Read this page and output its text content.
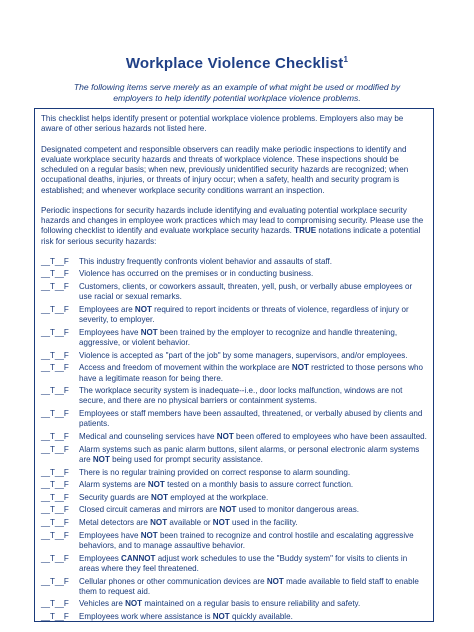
Workplace Violence Checklist$^1$
The following items serve merely as an example of what might be used or modified by employers to help identify potential workplace violence problems.

This checklist helps identify present or potential workplace violence problems. Employers also may be aware of other serious hazards not listed here.

Designated competent and responsible observers can readily make periodic inspections to identify and evaluate workplace security hazards and threats of workplace violence. These inspections should be scheduled on a regular basis; when new, previously unidentified security hazards are recognized; when occupational deaths, injuries, or threats of injury occur; when a safety, health and security program is established; and whenever workplace security conditions warrant an inspection.

Periodic inspections for security hazards include identifying and evaluating potential workplace security hazards and changes in employee work practices which may lead to compromising security. Please use the following checklist to identify and evaluate workplace security hazards. TRUE notations indicate a potential risk for serious security hazards:

__T__F	This industry frequently confronts violent behavior and assaults of staff.
__T__F	Violence has occurred on the premises or in conducting business.
__T__F	Customers, clients, or coworkers assault, threaten, yell, push, or verbally abuse employees or use racial or sexual remarks.
__T__F	Employees are NOT required to report incidents or threats of violence, regardless of injury or severity, to employer.
__T__F	Employees have NOT been trained by the employer to recognize and handle threatening, aggressive, or violent behavior.
__T__F	Violence is accepted as "part of the job" by some managers, supervisors, and/or employees.
__T__F	Access and freedom of movement within the workplace are NOT restricted to those persons who have a legitimate reason for being there.
__T__F	The workplace security system is inadequate--i.e., door locks malfunction, windows are not secure, and there are no physical barriers or containment systems.
__T__F	Employees or staff members have been assaulted, threatened, or verbally abused by clients and patients.
__T__F	Medical and counseling services have NOT been offered to employees who have been assaulted.
__T__F	Alarm systems such as panic alarm buttons, silent alarms, or personal electronic alarm systems are NOT being used for prompt security assistance.
__T__F	There is no regular training provided on correct response to alarm sounding.
__T__F	Alarm systems are NOT tested on a monthly basis to assure correct function.
__T__F	Security guards are NOT employed at the workplace.
__T__F	Closed circuit cameras and mirrors are NOT used to monitor dangerous areas.
__T__F	Metal detectors are NOT available or NOT used in the facility.
__T__F	Employees have NOT been trained to recognize and control hostile and escalating aggressive behaviors, and to manage assaultive behavior.
__T__F	Employees CANNOT adjust work schedules to use the "Buddy system" for visits to clients in areas where they feel threatened.
__T__F	Cellular phones or other communication devices are NOT made available to field staff to enable them to request aid.
__T__F	Vehicles are NOT maintained on a regular basis to ensure reliability and safety.
__T__F	Employees work where assistance is NOT quickly available.
